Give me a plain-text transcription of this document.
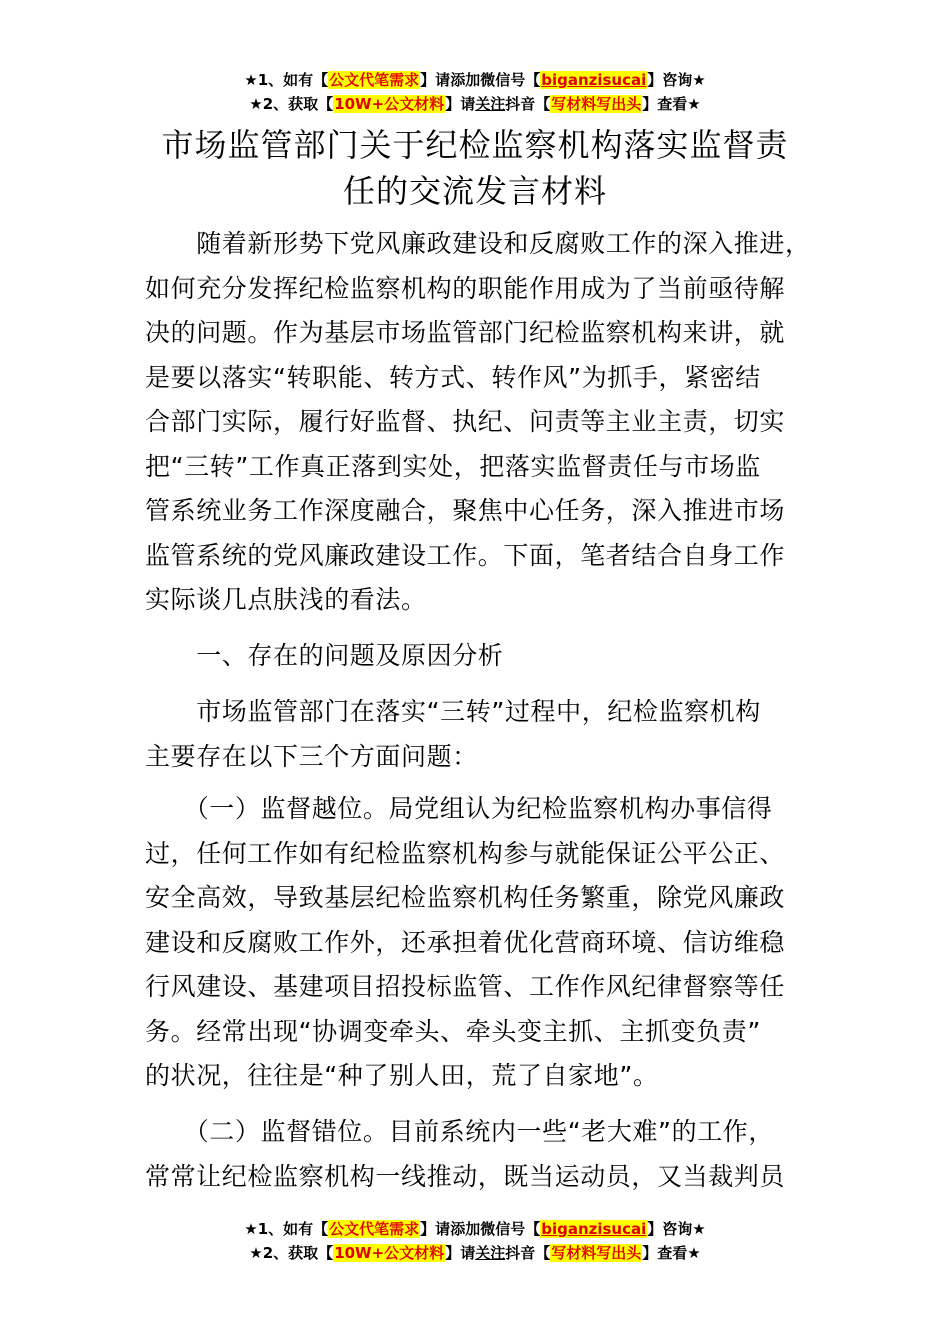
★1、如有【公文代笔需求】请添加微信号【biganzisucai】咨询★
★2、获取【10W+公文材料】请关注抖音【写材料写出头】查看★
市场监管部门关于纪检监察机构落实监督责
任的交流发言材料
　　随着新形势下党风廉政建设和反腐败工作的深入推进，
如何充分发挥纪检监察机构的职能作用成为了当前亟待解
决的问题。作为基层市场监管部门纪检监察机构来讲，就
是要以落实“转职能、转方式、转作风”为抓手，紧密结
合部门实际，履行好监督、执纪、问责等主业主责，切实
把“三转”工作真正落到实处，把落实监督责任与市场监
管系统业务工作深度融合，聚焦中心任务，深入推进市场
监管系统的党风廉政建设工作。下面，笔者结合自身工作
实际谈几点肤浅的看法。
　　一、存在的问题及原因分析
　　市场监管部门在落实“三转”过程中，纪检监察机构
主要存在以下三个方面问题：
　　（一）监督越位。局党组认为纪检监察机构办事信得
过，任何工作如有纪检监察机构参与就能保证公平公正、
安全高效，导致基层纪检监察机构任务繁重，除党风廉政
建设和反腐败工作外，还承担着优化营商环境、信访维稳
行风建设、基建项目招投标监管、工作作风纪律督察等任
务。经常出现“协调变牵头、牵头变主抓、主抓变负责”
的状况，往往是“种了别人田，荒了自家地”。
　　（二）监督错位。目前系统内一些“老大难”的工作，
常常让纪检监察机构一线推动，既当运动员，又当裁判员
★1、如有【公文代笔需求】请添加微信号【biganzisucai】咨询★
★2、获取【10W+公文材料】请关注抖音【写材料写出头】查看★
